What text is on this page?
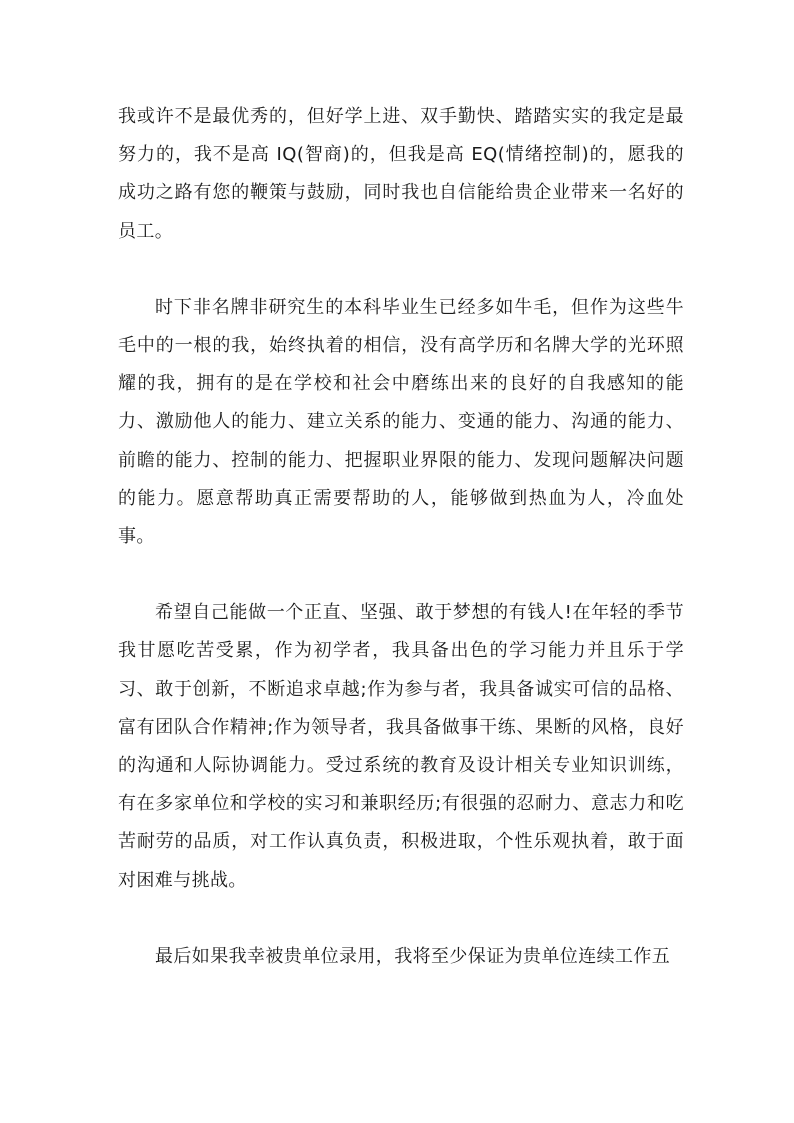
我或许不是最优秀的，但好学上进、双手勤快、踏踏实实的我定是最努力的，我不是高 IQ(智商)的，但我是高 EQ(情绪控制)的，愿我的成功之路有您的鞭策与鼓励，同时我也自信能给贵企业带来一名好的员工。

时下非名牌非研究生的本科毕业生已经多如牛毛，但作为这些牛毛中的一根的我，始终执着的相信，没有高学历和名牌大学的光环照耀的我，拥有的是在学校和社会中磨练出来的良好的自我感知的能力、激励他人的能力、建立关系的能力、变通的能力、沟通的能力、前瞻的能力、控制的能力、把握职业界限的能力、发现问题解决问题的能力。愿意帮助真正需要帮助的人，能够做到热血为人，冷血处事。

希望自己能做一个正直、坚强、敢于梦想的有钱人!在年轻的季节我甘愿吃苦受累，作为初学者，我具备出色的学习能力并且乐于学习、敢于创新，不断追求卓越;作为参与者，我具备诚实可信的品格、富有团队合作精神;作为领导者，我具备做事干练、果断的风格，良好的沟通和人际协调能力。受过系统的教育及设计相关专业知识训练，有在多家单位和学校的实习和兼职经历;有很强的忍耐力、意志力和吃苦耐劳的品质，对工作认真负责，积极进取，个性乐观执着，敢于面对困难与挑战。

最后如果我幸被贵单位录用，我将至少保证为贵单位连续工作五
